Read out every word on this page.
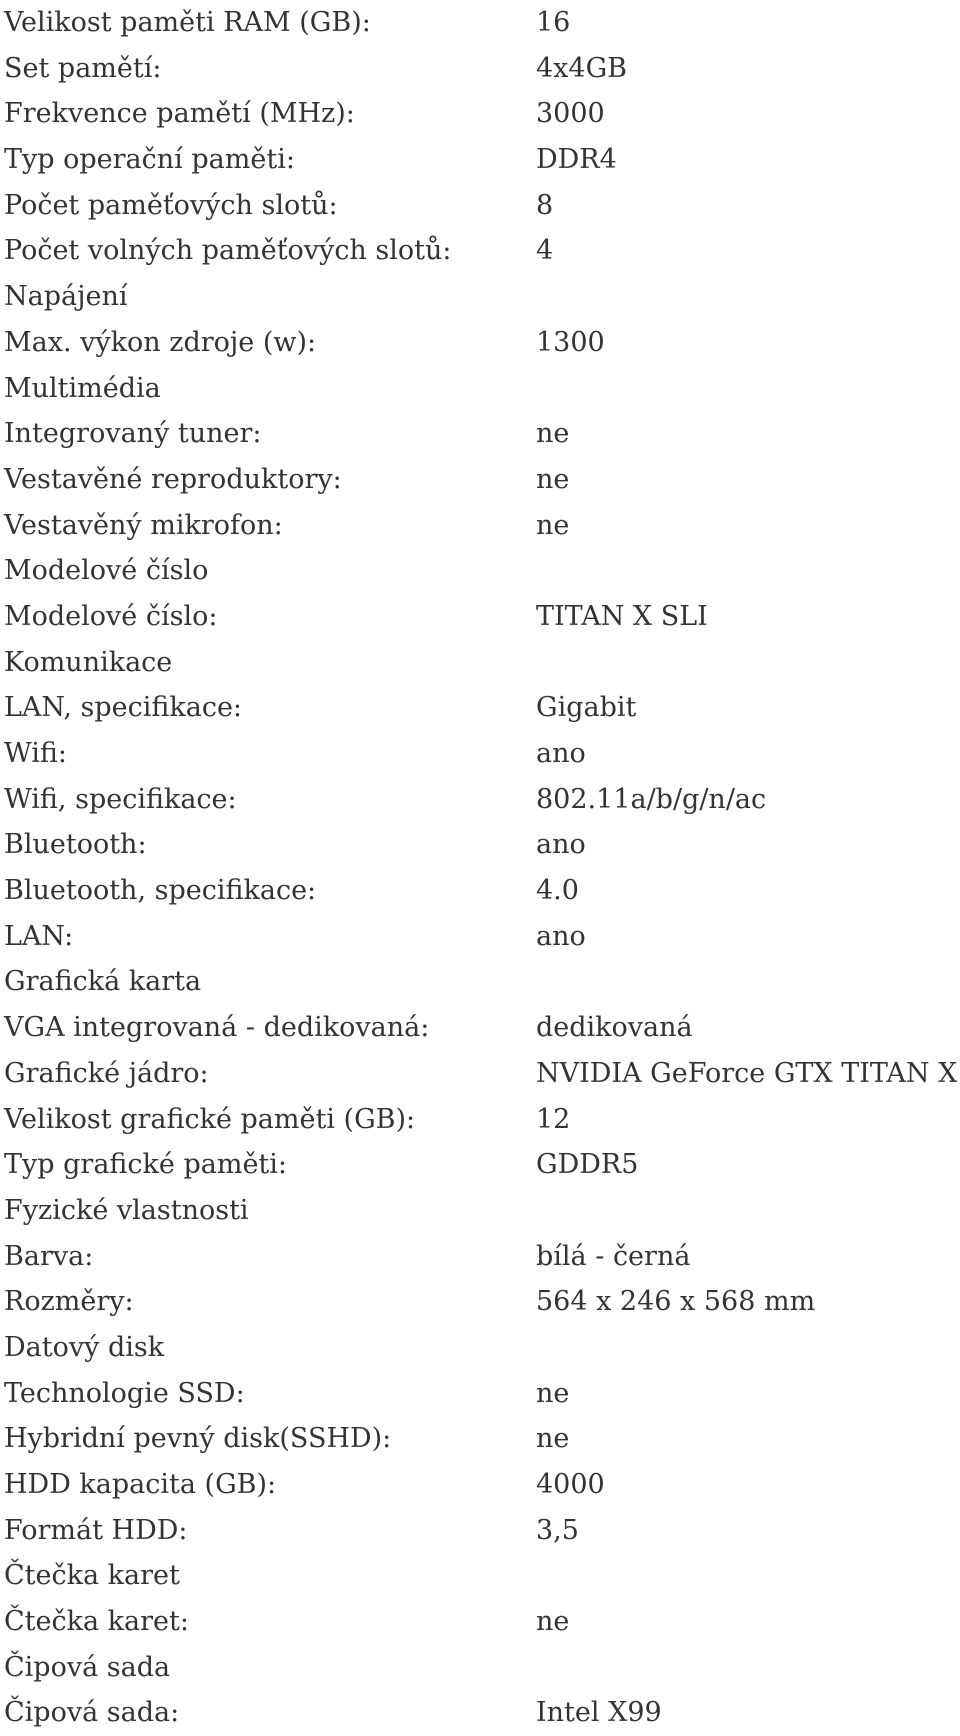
Velikost paměti RAM (GB):	16
Set pamětí:	4x4GB
Frekvence pamětí (MHz):	3000
Typ operační paměti:	DDR4
Počet paměťových slotů:	8
Počet volných paměťových slotů:	4
Napájení
Max. výkon zdroje (w):	1300
Multimédia
Integrovaný tuner:	ne
Vestavěné reproduktory:	ne
Vestavěný mikrofon:	ne
Modelové číslo
Modelové číslo:	TITAN X SLI
Komunikace
LAN, specifikace:	Gigabit
Wifi:	ano
Wifi, specifikace:	802.11a/b/g/n/ac
Bluetooth:	ano
Bluetooth, specifikace:	4.0
LAN:	ano
Grafická karta
VGA integrovaná - dedikovaná:	dedikovaná
Grafické jádro:	NVIDIA GeForce GTX TITAN X
Velikost grafické paměti (GB):	12
Typ grafické paměti:	GDDR5
Fyzické vlastnosti
Barva:	bílá - černá
Rozměry:	564 x 246 x 568 mm
Datový disk
Technologie SSD:	ne
Hybridní pevný disk(SSHD):	ne
HDD kapacita (GB):	4000
Formát HDD:	3,5
Čtečka karet
Čtečka karet:	ne
Čipová sada
Čipová sada:	Intel X99
